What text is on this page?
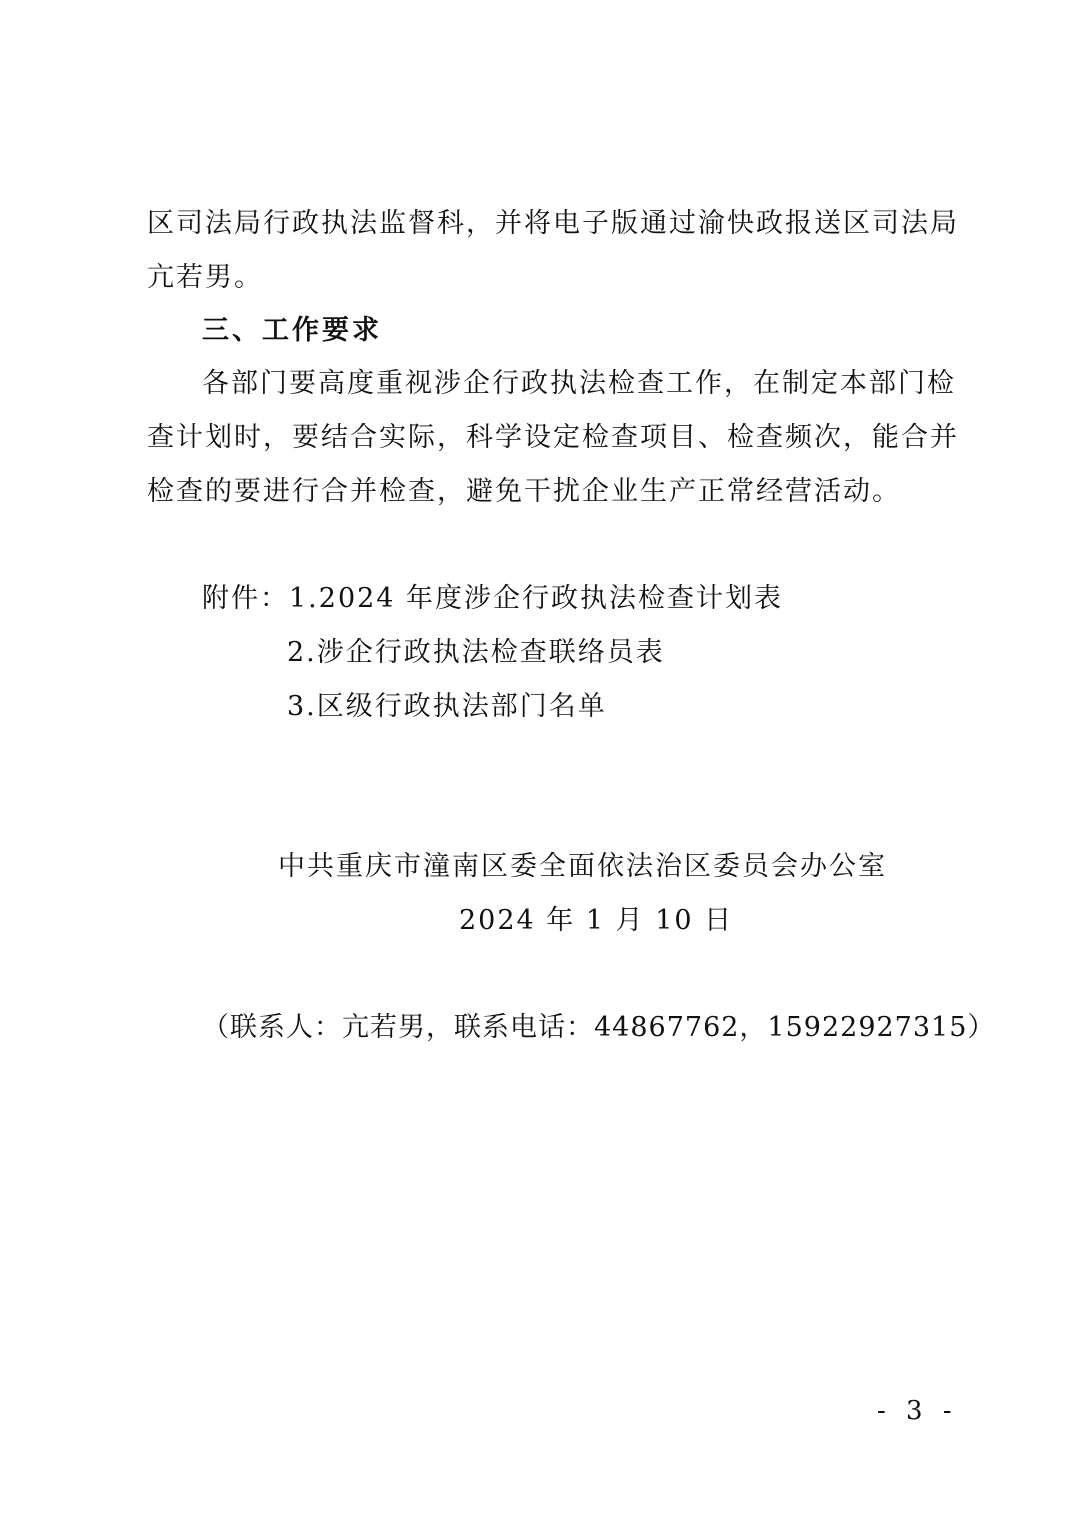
区司法局行政执法监督科，并将电子版通过渝快政报送区司法局
亢若男。
三、工作要求
各部门要高度重视涉企行政执法检查工作，在制定本部门检
查计划时，要结合实际，科学设定检查项目、检查频次，能合并
检查的要进行合并检查，避免干扰企业生产正常经营活动。
附件：1.2024 年度涉企行政执法检查计划表
2.涉企行政执法检查联络员表
3.区级行政执法部门名单
中共重庆市潼南区委全面依法治区委员会办公室
2024 年 1 月 10 日
（联系人：亢若男，联系电话：44867762，15922927315）
- 3 -
